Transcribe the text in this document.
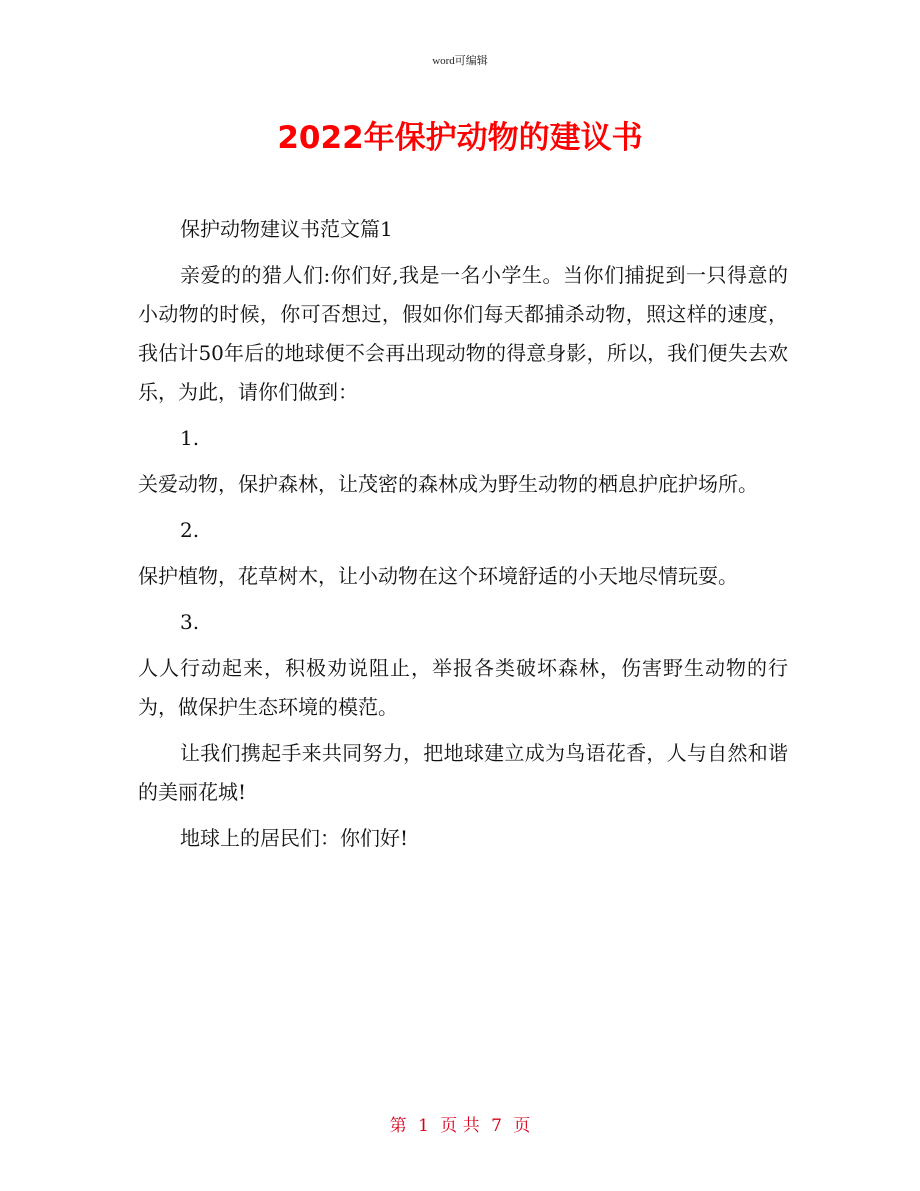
word可编辑
2022年保护动物的建议书

保护动物建议书范文篇1

亲爱的的猎人们:你们好,我是一名小学生。当你们捕捉到一只得意的小动物的时候，你可否想过，假如你们每天都捕杀动物，照这样的速度，我估计50年后的地球便不会再出现动物的得意身影，所以，我们便失去欢乐，为此，请你们做到：

1.

关爱动物，保护森林，让茂密的森林成为野生动物的栖息护庇护场所。

2.

保护植物，花草树木，让小动物在这个环境舒适的小天地尽情玩耍。

3.

人人行动起来，积极劝说阻止，举报各类破坏森林，伤害野生动物的行为，做保护生态环境的模范。

让我们携起手来共同努力，把地球建立成为鸟语花香，人与自然和谐的美丽花城!

地球上的居民们：你们好!

第 1 页 共 7 页
